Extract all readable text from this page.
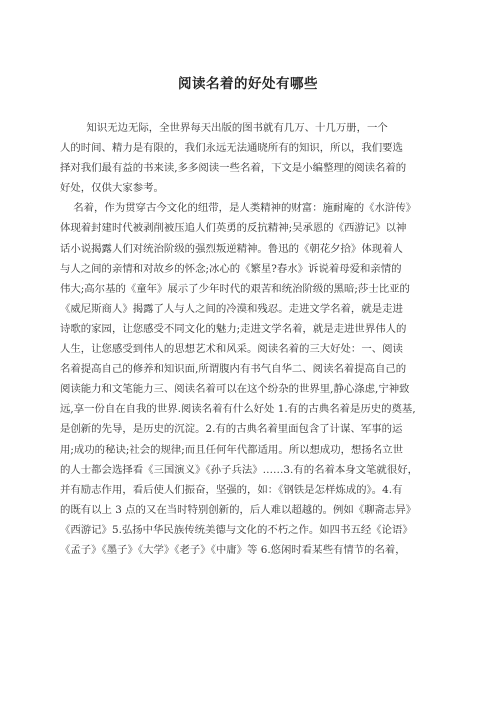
阅读名着的好处有哪些
知识无边无际，全世界每天出版的图书就有几万、十几万册，一个
人的时间、精力是有限的，我们永远无法通晓所有的知识，所以，我们要选
择对我们最有益的书来读,多多阅读一些名着，下文是小编整理的阅读名着的
好处，仅供大家参考。
名着，作为贯穿古今文化的纽带，是人类精神的财富：施耐庵的《水浒传》
体现着封建时代被剥削被压追人们英勇的反抗精神;吴承恩的《西游记》以神
话小说揭露人们对统治阶级的强烈叛逆精神。鲁迅的《朝花夕拾》体现着人
与人之间的亲情和对故乡的怀念;冰心的《繁星?春水》诉说着母爱和亲情的
伟大;高尔基的《童年》展示了少年时代的艰苦和统治阶级的黑暗;莎士比亚的
《威尼斯商人》揭露了人与人之间的冷漠和残忍。走进文学名着，就是走进
诗歌的家园，让您感受不同文化的魅力;走进文学名着，就是走进世界伟人的
人生，让您感受到伟人的思想艺术和风采。阅读名着的三大好处：一、阅读
名着提高自己的修养和知识面,所谓腹内有书气自华二、阅读名着提高自己的
阅读能力和文笔能力三、阅读名着可以在这个纷杂的世界里,静心涤虑,宁神致
远,享一份自在自我的世界.阅读名着有什么好处 1.有的古典名着是历史的奠基,
是创新的先导，是历史的沉淀。2.有的古典名着里面包含了计谋、军事的运
用;成功的秘诀;社会的规律;而且任何年代都适用。所以想成功，想扬名立世
的人士都会选择看《三国演义》《孙子兵法》……3.有的名着本身文笔就很好，
并有励志作用，看后使人们振奋，坚强的，如：《钢铁是怎样炼成的》。4.有
的既有以上 3 点的又在当时特别创新的，后人难以超越的。例如《聊斋志异》
《西游记》5.弘扬中华民族传统美德与文化的不朽之作。如四书五经《论语》
《孟子》《墨子》《大学》《老子》《中庸》等 6.悠闲时看某些有情节的名着，
